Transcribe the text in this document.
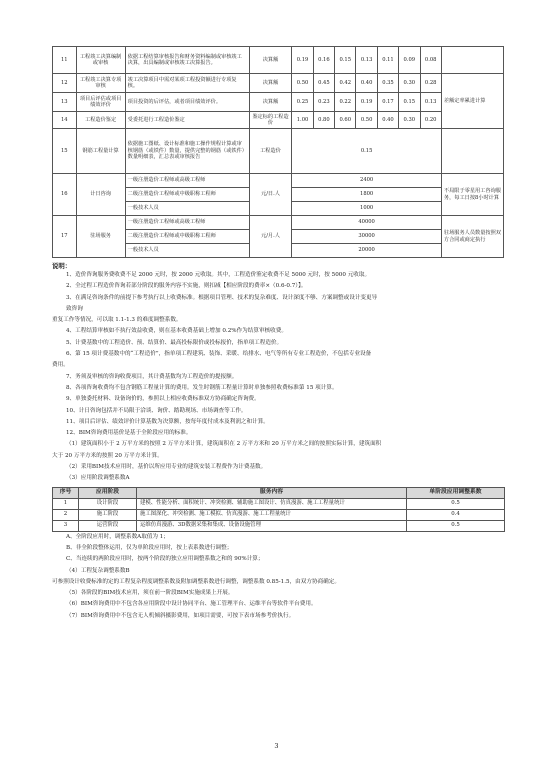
11	工程竣工决算编制或审核	依据工程结算审核报告和财务资料编制或审核竣工决算，出具编制或审核竣工决算报告。	决算额	0.19	0.16	0.15	0.13	0.11	0.09	0.08	
12	工程竣工决算专项审核	竣工决算项目中需对某项工程投资额进行专项复核。	决算额	0.50	0.45	0.42	0.40	0.35	0.30	0.28	差额定率累进计算
13	项目后评估或项目绩效评价	项目投资的后评估，或者项目绩效评价。	决算额	0.25	0.23	0.22	0.19	0.17	0.15	0.13	
14	工程造价鉴定	受委托进行工程造价鉴定	鉴定标的工程造价	1.00	0.80	0.60	0.50	0.40	0.30	0.20	
15	钢筋工程量计算	依据施工图纸、设计标准和施工操作规程计算或审核钢筋（或铁件）数量，提供完整的钢筋（或铁件）数量明细表，汇总表或审核报告	工程造价	0.15							
16	计日咨询	一级注册造价工程师或高级工程师	元/日.人	2400							不局限于零星用工咨询服务，每工日按8小时计算
		二级注册造价工程师或中级职称工程师		1800							
		一般技术人员		1000							
17	驻场服务	一级注册造价工程师或高级工程师	元/月.人	40000							驻场服务人员数量按照双方合同或商定执行
		二级注册造价工程师或中级职称工程师		30000							
		一般技术人员		20000							
说明：
1、造价咨询服务费收费不足 2000 元时，按 2000 元收取。其中，工程造价鉴定收费不足 5000 元时，按 5000 元收取。
2、全过程工程造价咨询若部分阶段的服务内容不实施，则扣减【相应阶段的费率×（0.6-0.7）】。
3、在满足咨询条件的前提下参考执行以上收费标准。根据项目管理、技术的复杂难度、设计深度不够、方案调整或设计变更导
致咨询
重复工作等情况，可以取 1.1-1.3 的难度调整系数。
4、工程结算审核如不执行效益收费，则在基本收费基础上增加 0.2%作为结算审核收费。
5、计费基数中的工程造价、预、结算价、最高投标限价或投标报价，指单项工程造价。
6、第 15 项计费基数中的“工程造价”，指单项工程建筑、装饰、采暖、给排水、电气等所有专业工程造价，不包括专业设备
费用。
7、务须及审核的咨询收费项目，其计费基数均为工程造价的提报额。
8、各项咨询收费均不包含钢筋工程量计算的费用。发生时钢筋工程量计算时单独参照收费标准第 15 项计算。
9、单独委托材料、设备询价的，参照以上相应收费标准双方协商确定咨询费。
10、计日咨询包括并不局限于洽谈、询价、踏勘现场、市场调查等工作。
11、项目后评估、绩效评价计算基数为决算额，按每年度付成本及利润之和计算。
12、BIM咨询费用基价是基于全阶段应用的标准。
（1）建筑面积小于 2 万平方米的按照 2 万平方米计算，建筑面积在 2 万平方米和 20 万平方米之间的按照实际计算，建筑面积
大于 20 万平方米的按照 20 万平方米计算。
（2）采用BIM技术应用时，基价以所应用专业的建筑安装工程费作为计费基数。
（3）应用阶段调整系数A
序号	应用阶段	服务内容	单阶段应用调整系数
1	设计阶段	建模、性能分析、面积统计、冲突检测、辅助施工图设计、仿真漫游、施工工程量统计	0.5
2	施工阶段	施工图深化、冲突检测、施工模拟、仿真漫游、施工工程量统计	0.4
3	运营阶段	运维仿真漫游、3D数据采集和集成、设备设施管理	0.5
A、全阶段应用时，调整系数A取值为 1；
B、非全阶段整体运用，仅为单阶段应用时，按上表系数进行调整；
C、当连续的两阶段应用时，按两个阶段的独立应用调整系数之和的 90%计算；
（4）工程复杂调整系数B
可参照设计收费标准的定的工程复杂程度调整系数及附加调整系数进行调整，调整系数 0.85-1.5，由双方协商确定。
（5）各阶段的BIM技术应用，须在前一阶段BIM实施成果上开展。
（6）BIM咨询费用中不包含各应用阶段中设计协同平台、施工管理平台、运维平台等软件平台费用。
（7）BIM咨询费用中不包含无人机倾斜摄影费用，如项目需要，可按下表市场参考价执行。
3
